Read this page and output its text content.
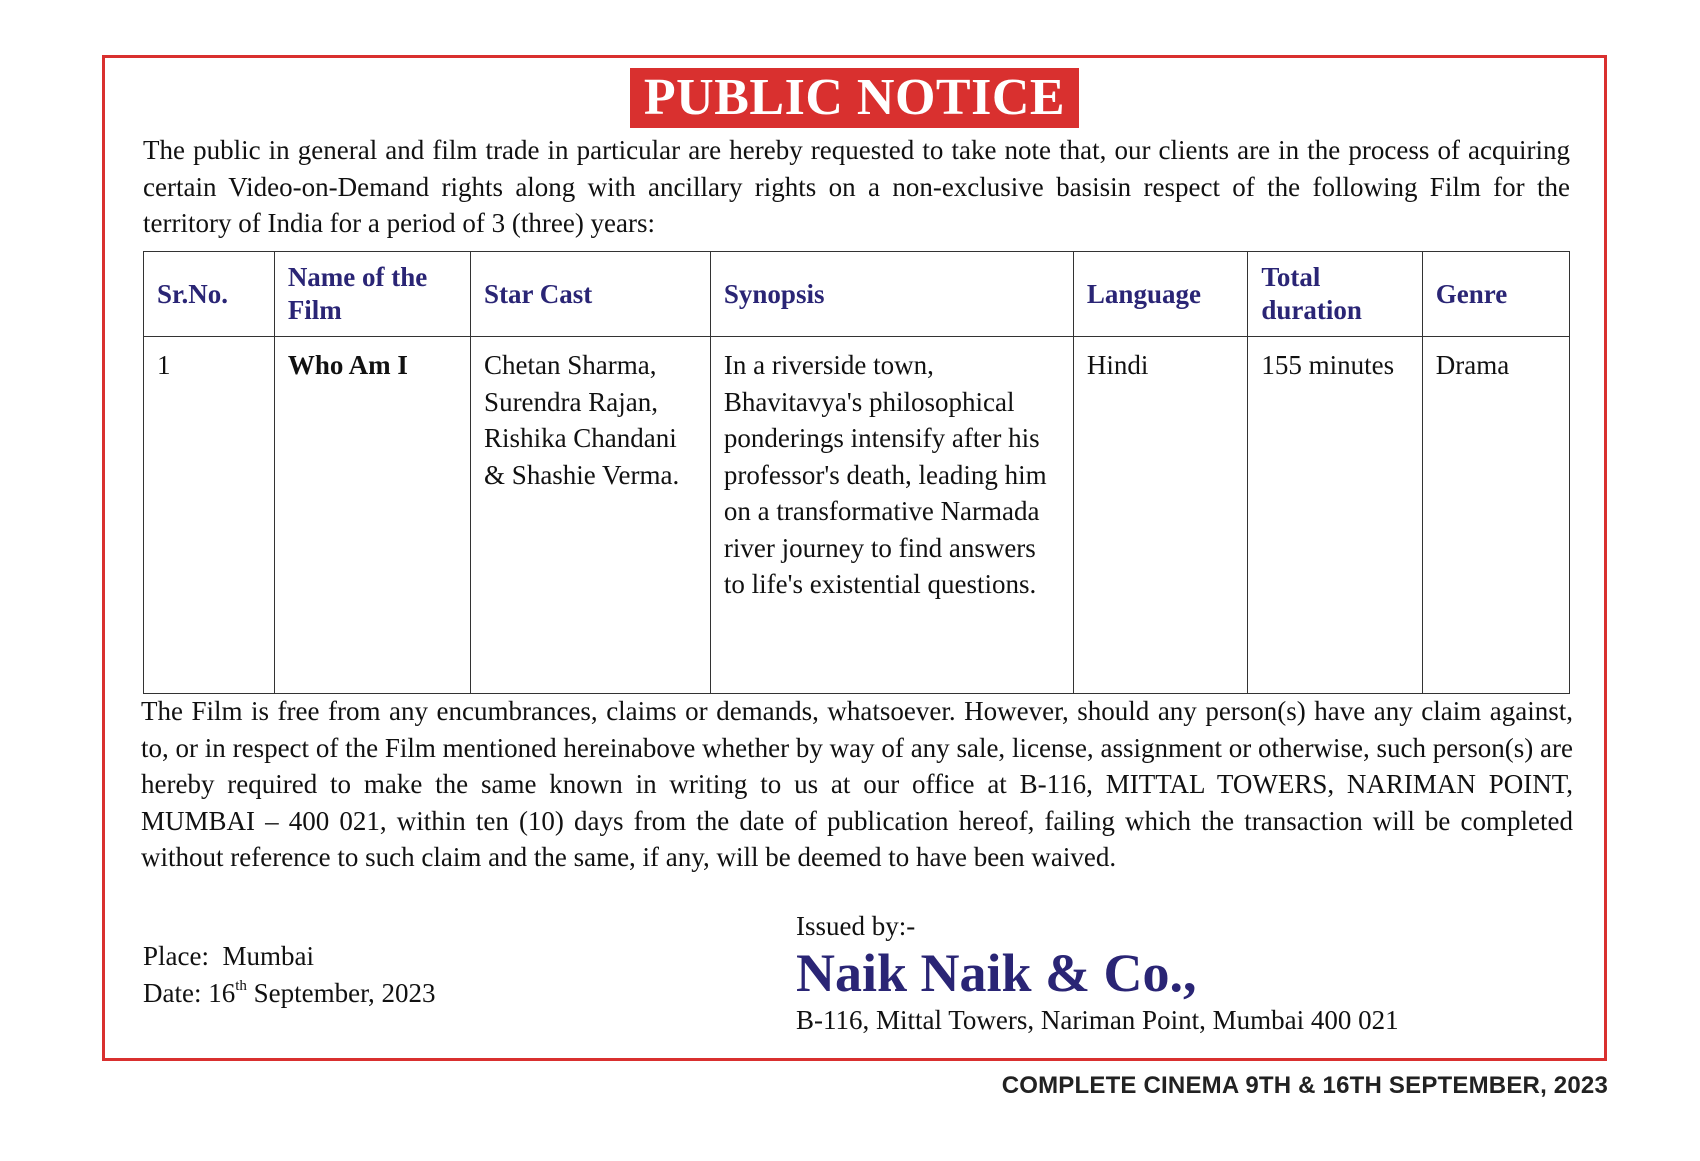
PUBLIC NOTICE

The public in general and film trade in particular are hereby requested to take note that, our clients are in the process of acquiring certain Video-on-Demand rights along with ancillary rights on a non-exclusive basisin respect of the following Film for the territory of India for a period of 3 (three) years:

Sr.No.	Name of the Film	Star Cast	Synopsis	Language	Total duration	Genre
1	Who Am I	Chetan Sharma, Surendra Rajan, Rishika Chandani & Shashie Verma.	In a riverside town, Bhavitavya's philosophical ponderings intensify after his professor's death, leading him on a transformative Narmada river journey to find answers to life's existential questions.	Hindi	155 minutes	Drama

The Film is free from any encumbrances, claims or demands, whatsoever. However, should any person(s) have any claim against, to, or in respect of the Film mentioned hereinabove whether by way of any sale, license, assignment or otherwise, such person(s) are hereby required to make the same known in writing to us at our office at B-116, MITTAL TOWERS, NARIMAN POINT, MUMBAI – 400 021, within ten (10) days from the date of publication hereof, failing which the transaction will be completed without reference to such claim and the same, if any, will be deemed to have been waived.

Place: Mumbai
Date: 16th September, 2023
Issued by:-
Naik Naik & Co.,
B-116, Mittal Towers, Nariman Point, Mumbai 400 021
COMPLETE CINEMA 9TH & 16TH SEPTEMBER, 2023
